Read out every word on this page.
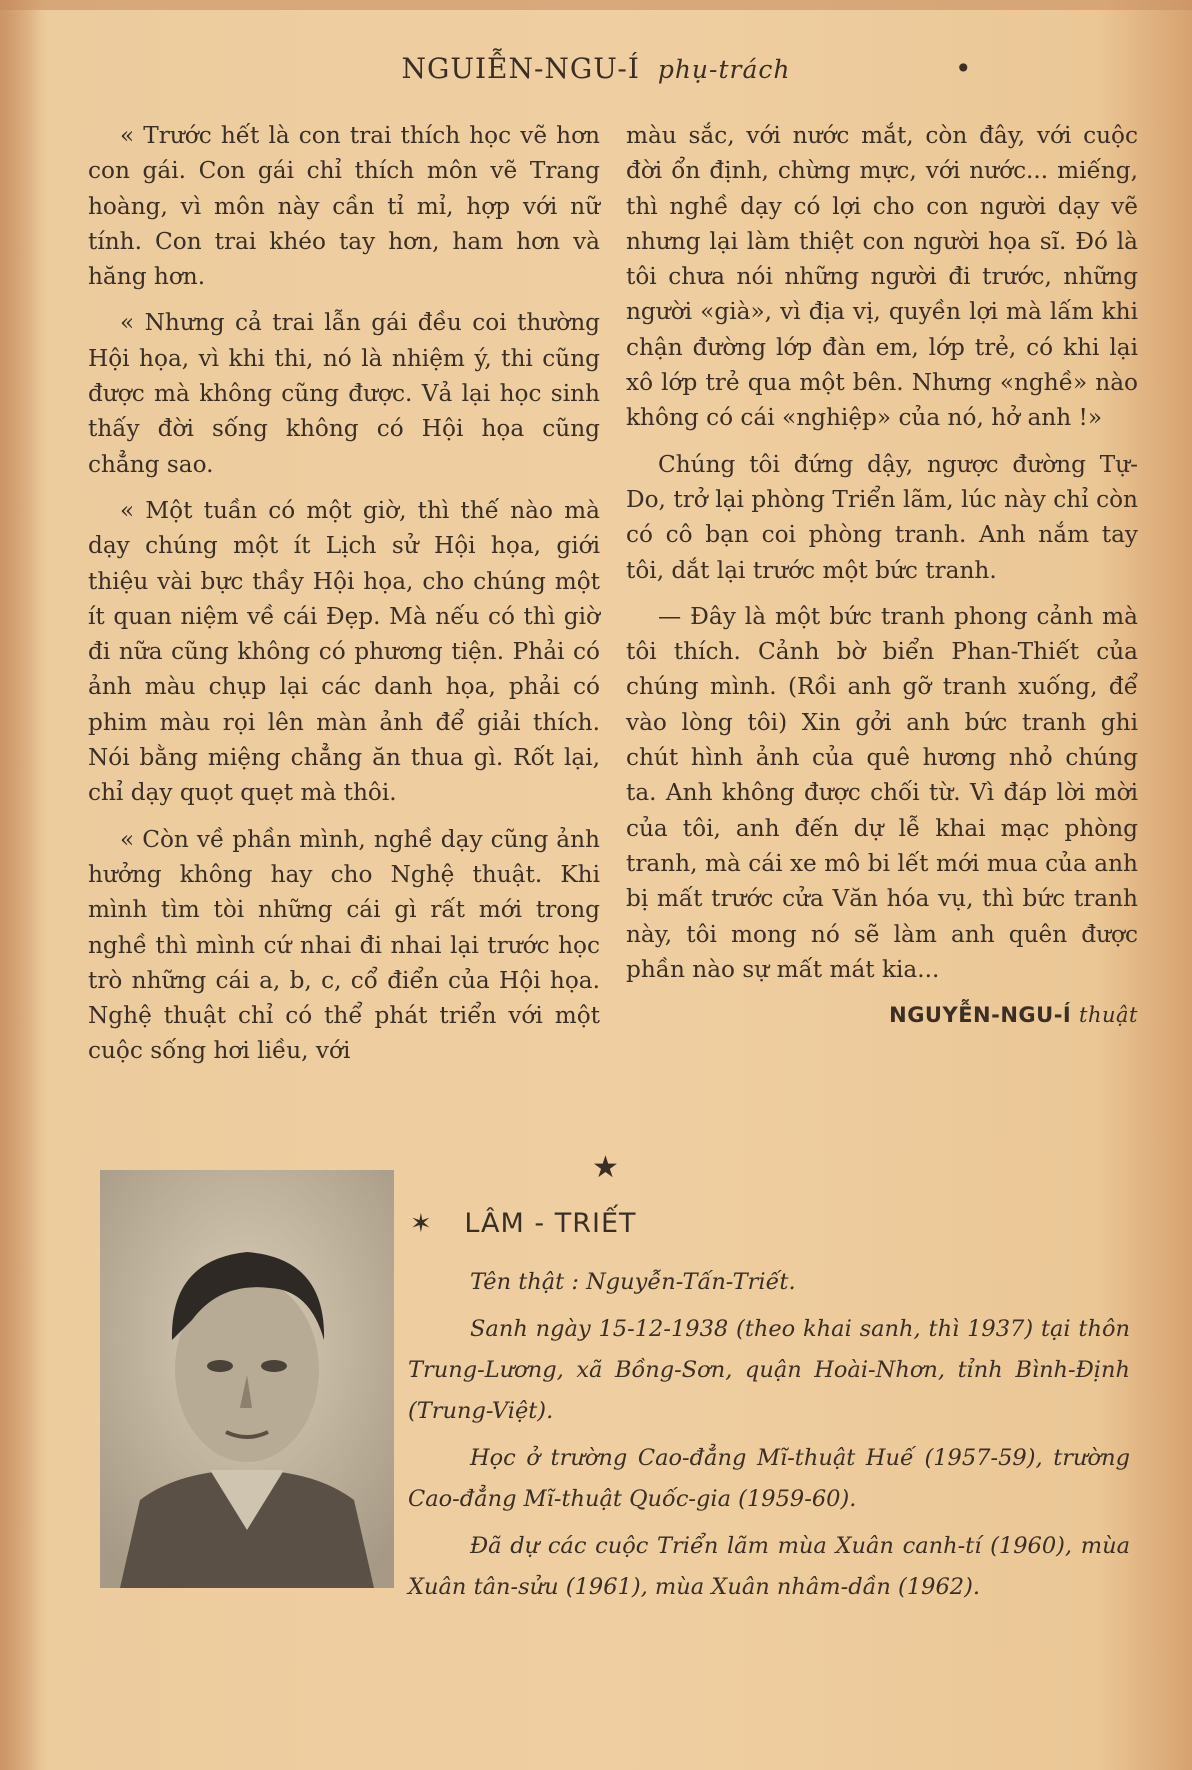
NGUIỄN-NGU-Í phụ-trách	•

« Trước hết là con trai thích học vẽ hơn con gái. Con gái chỉ thích môn vẽ Trang hoàng, vì môn này cần tỉ mỉ, hợp với nữ tính. Con trai khéo tay hơn, ham hơn và hăng hơn.

« Nhưng cả trai lẫn gái đều coi thường Hội họa, vì khi thi, nó là nhiệm ý, thi cũng được mà không cũng được. Vả lại học sinh thấy đời sống không có Hội họa cũng chẳng sao.

« Một tuần có một giờ, thì thế nào mà dạy chúng một ít Lịch sử Hội họa, giới thiệu vài bực thầy Hội họa, cho chúng một ít quan niệm về cái Đẹp. Mà nếu có thì giờ đi nữa cũng không có phương tiện. Phải có ảnh màu chụp lại các danh họa, phải có phim màu rọi lên màn ảnh để giải thích. Nói bằng miệng chẳng ăn thua gì. Rốt lại, chỉ dạy quọt quẹt mà thôi.

« Còn về phần mình, nghề dạy cũng ảnh hưởng không hay cho Nghệ thuật. Khi mình tìm tòi những cái gì rất mới trong nghề thì mình cứ nhai đi nhai lại trước học trò những cái a, b, c, cổ điển của Hội họa. Nghệ thuật chỉ có thể phát triển với một cuộc sống hơi liều, với

màu sắc, với nước mắt, còn đây, với cuộc đời ổn định, chừng mực, với nước... miếng, thì nghề dạy có lợi cho con người dạy vẽ nhưng lại làm thiệt con người họa sĩ. Đó là tôi chưa nói những người đi trước, những người «già», vì địa vị, quyền lợi mà lấm khi chận đường lớp đàn em, lớp trẻ, có khi lại xô lớp trẻ qua một bên. Nhưng «nghề» nào không có cái «nghiệp» của nó, hở anh !»

Chúng tôi đứng dậy, ngược đường Tự-Do, trở lại phòng Triển lãm, lúc này chỉ còn có cô bạn coi phòng tranh. Anh nắm tay tôi, dắt lại trước một bức tranh.

— Đây là một bức tranh phong cảnh mà tôi thích. Cảnh bờ biển Phan-Thiết của chúng mình. (Rồi anh gỡ tranh xuống, để vào lòng tôi) Xin gởi anh bức tranh ghi chút hình ảnh của quê hương nhỏ chúng ta. Anh không được chối từ. Vì đáp lời mời của tôi, anh đến dự lễ khai mạc phòng tranh, mà cái xe mô bi lết mới mua của anh bị mất trước cửa Văn hóa vụ, thì bức tranh này, tôi mong nó sẽ làm anh quên được phần nào sự mất mát kia...

NGUYỄN-NGU-Í thuật
★
✶ LÂM - TRIẾT

Tên thật : Nguyễn-Tấn-Triết.

Sanh ngày 15-12-1938 (theo khai sanh, thì 1937) tại thôn Trung-Lương, xã Bồng-Sơn, quận Hoài-Nhơn, tỉnh Bình-Định (Trung-Việt).

Học ở trường Cao-đẳng Mĩ-thuật Huế (1957-59), trường Cao-đẳng Mĩ-thuật Quốc-gia (1959-60).

Đã dự các cuộc Triển lãm mùa Xuân canh-tí (1960), mùa Xuân tân-sửu (1961), mùa Xuân nhâm-dần (1962).
